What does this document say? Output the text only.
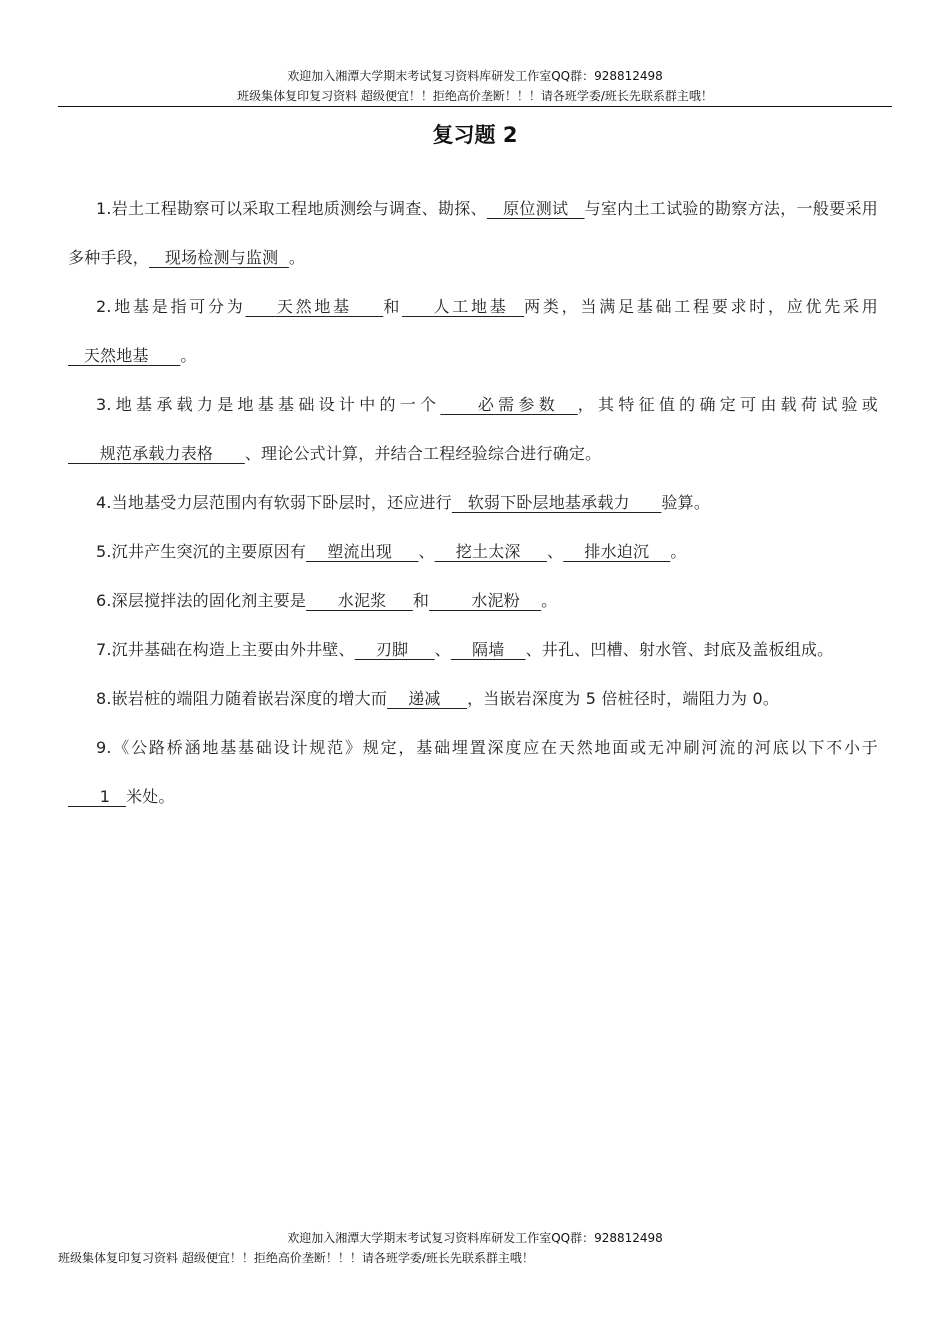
欢迎加入湘潭大学期末考试复习资料库研发工作室QQ群：928812498
班级集体复印复习资料 超级便宜！！拒绝高价垄断！！！请各班学委/班长先联系群主哦！
复习题 2

1.岩土工程勘察可以采取工程地质测绘与调查、勘探、   原位测试   与室内土工试验的勘察方法，一般要采用多种手段，   现场检测与监测  。

2.地基是指可分为    天然地基    和    人工地基  两类，当满足基础工程要求时，应优先采用   天然地基      。

3.地基承载力是地基基础设计中的一个    必需参数  ，其特征值的确定可由载荷试验或      规范承载力表格      、理论公式计算，并结合工程经验综合进行确定。

4.当地基受力层范围内有软弱下卧层时，还应进行   软弱下卧层地基承载力      验算。

5.沉井产生突沉的主要原因有    塑流出现     、    挖土太深     、    排水迫沉    。

6.深层搅拌法的固化剂主要是      水泥浆     和        水泥粉    。

7.沉井基础在构造上主要由外井壁、    刃脚     、    隔墙    、井孔、凹槽、射水管、封底及盖板组成。

8.嵌岩桩的端阻力随着嵌岩深度的增大而    递减     ，当嵌岩深度为 5 倍桩径时，端阻力为 0。

9.《公路桥涵地基基础设计规范》规定，基础埋置深度应在天然地面或无冲刷河流的河底以下不小于      1   米处。

欢迎加入湘潭大学期末考试复习资料库研发工作室QQ群：928812498
班级集体复印复习资料 超级便宜！！拒绝高价垄断！！！请各班学委/班长先联系群主哦！
